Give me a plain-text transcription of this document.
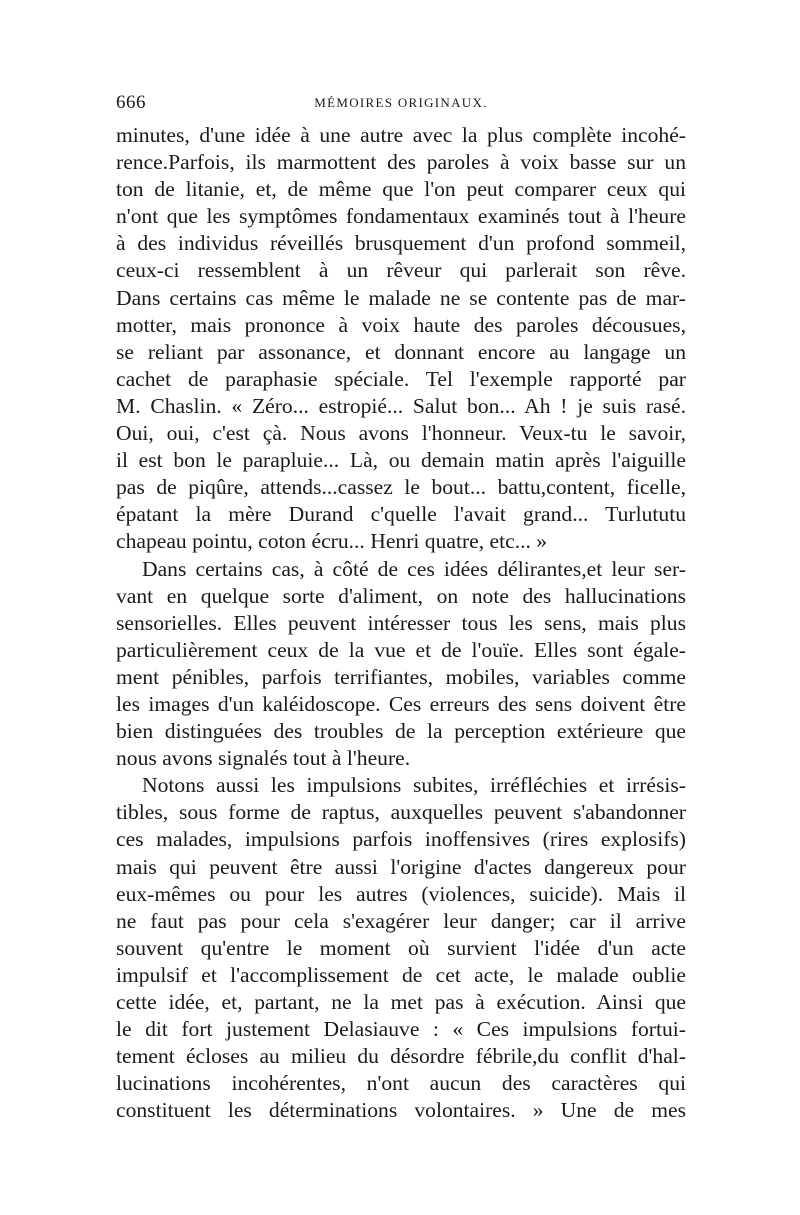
666	MÉMOIRES ORIGINAUX.
minutes, d'une idée à une autre avec la plus complète incohé-
rence.Parfois, ils marmottent des paroles à voix basse sur un
ton de litanie, et, de même que l'on peut comparer ceux qui
n'ont que les symptômes fondamentaux examinés tout à l'heure
à des individus réveillés brusquement d'un profond sommeil,
ceux-ci ressemblent à un rêveur qui parlerait son rêve.
Dans certains cas même le malade ne se contente pas de mar-
motter, mais prononce à voix haute des paroles décousues,
se reliant par assonance, et donnant encore au langage un
cachet de paraphasie spéciale. Tel l'exemple rapporté par
M. Chaslin. « Zéro... estropié... Salut bon... Ah ! je suis rasé.
Oui, oui, c'est çà. Nous avons l'honneur. Veux-tu le savoir,
il est bon le parapluie... Là, ou demain matin après l'aiguille
pas de piqûre, attends...cassez le bout... battu,content, ficelle,
épatant la mère Durand c'quelle l'avait grand... Turlututu
chapeau pointu, coton écru... Henri quatre, etc... »
Dans certains cas, à côté de ces idées délirantes,et leur ser-
vant en quelque sorte d'aliment, on note des hallucinations
sensorielles. Elles peuvent intéresser tous les sens, mais plus
particulièrement ceux de la vue et de l'ouïe. Elles sont égale-
ment pénibles, parfois terrifiantes, mobiles, variables comme
les images d'un kaléidoscope. Ces erreurs des sens doivent être
bien distinguées des troubles de la perception extérieure que
nous avons signalés tout à l'heure.
Notons aussi les impulsions subites, irréfléchies et irrésis-
tibles, sous forme de raptus, auxquelles peuvent s'abandonner
ces malades, impulsions parfois inoffensives (rires explosifs)
mais qui peuvent être aussi l'origine d'actes dangereux pour
eux-mêmes ou pour les autres (violences, suicide). Mais il
ne faut pas pour cela s'exagérer leur danger; car il arrive
souvent qu'entre le moment où survient l'idée d'un acte
impulsif et l'accomplissement de cet acte, le malade oublie
cette idée, et, partant, ne la met pas à exécution. Ainsi que
le dit fort justement Delasiauve : « Ces impulsions fortui-
tement écloses au milieu du désordre fébrile,du conflit d'hal-
lucinations incohérentes, n'ont aucun des caractères qui
constituent les déterminations volontaires. » Une de mes
